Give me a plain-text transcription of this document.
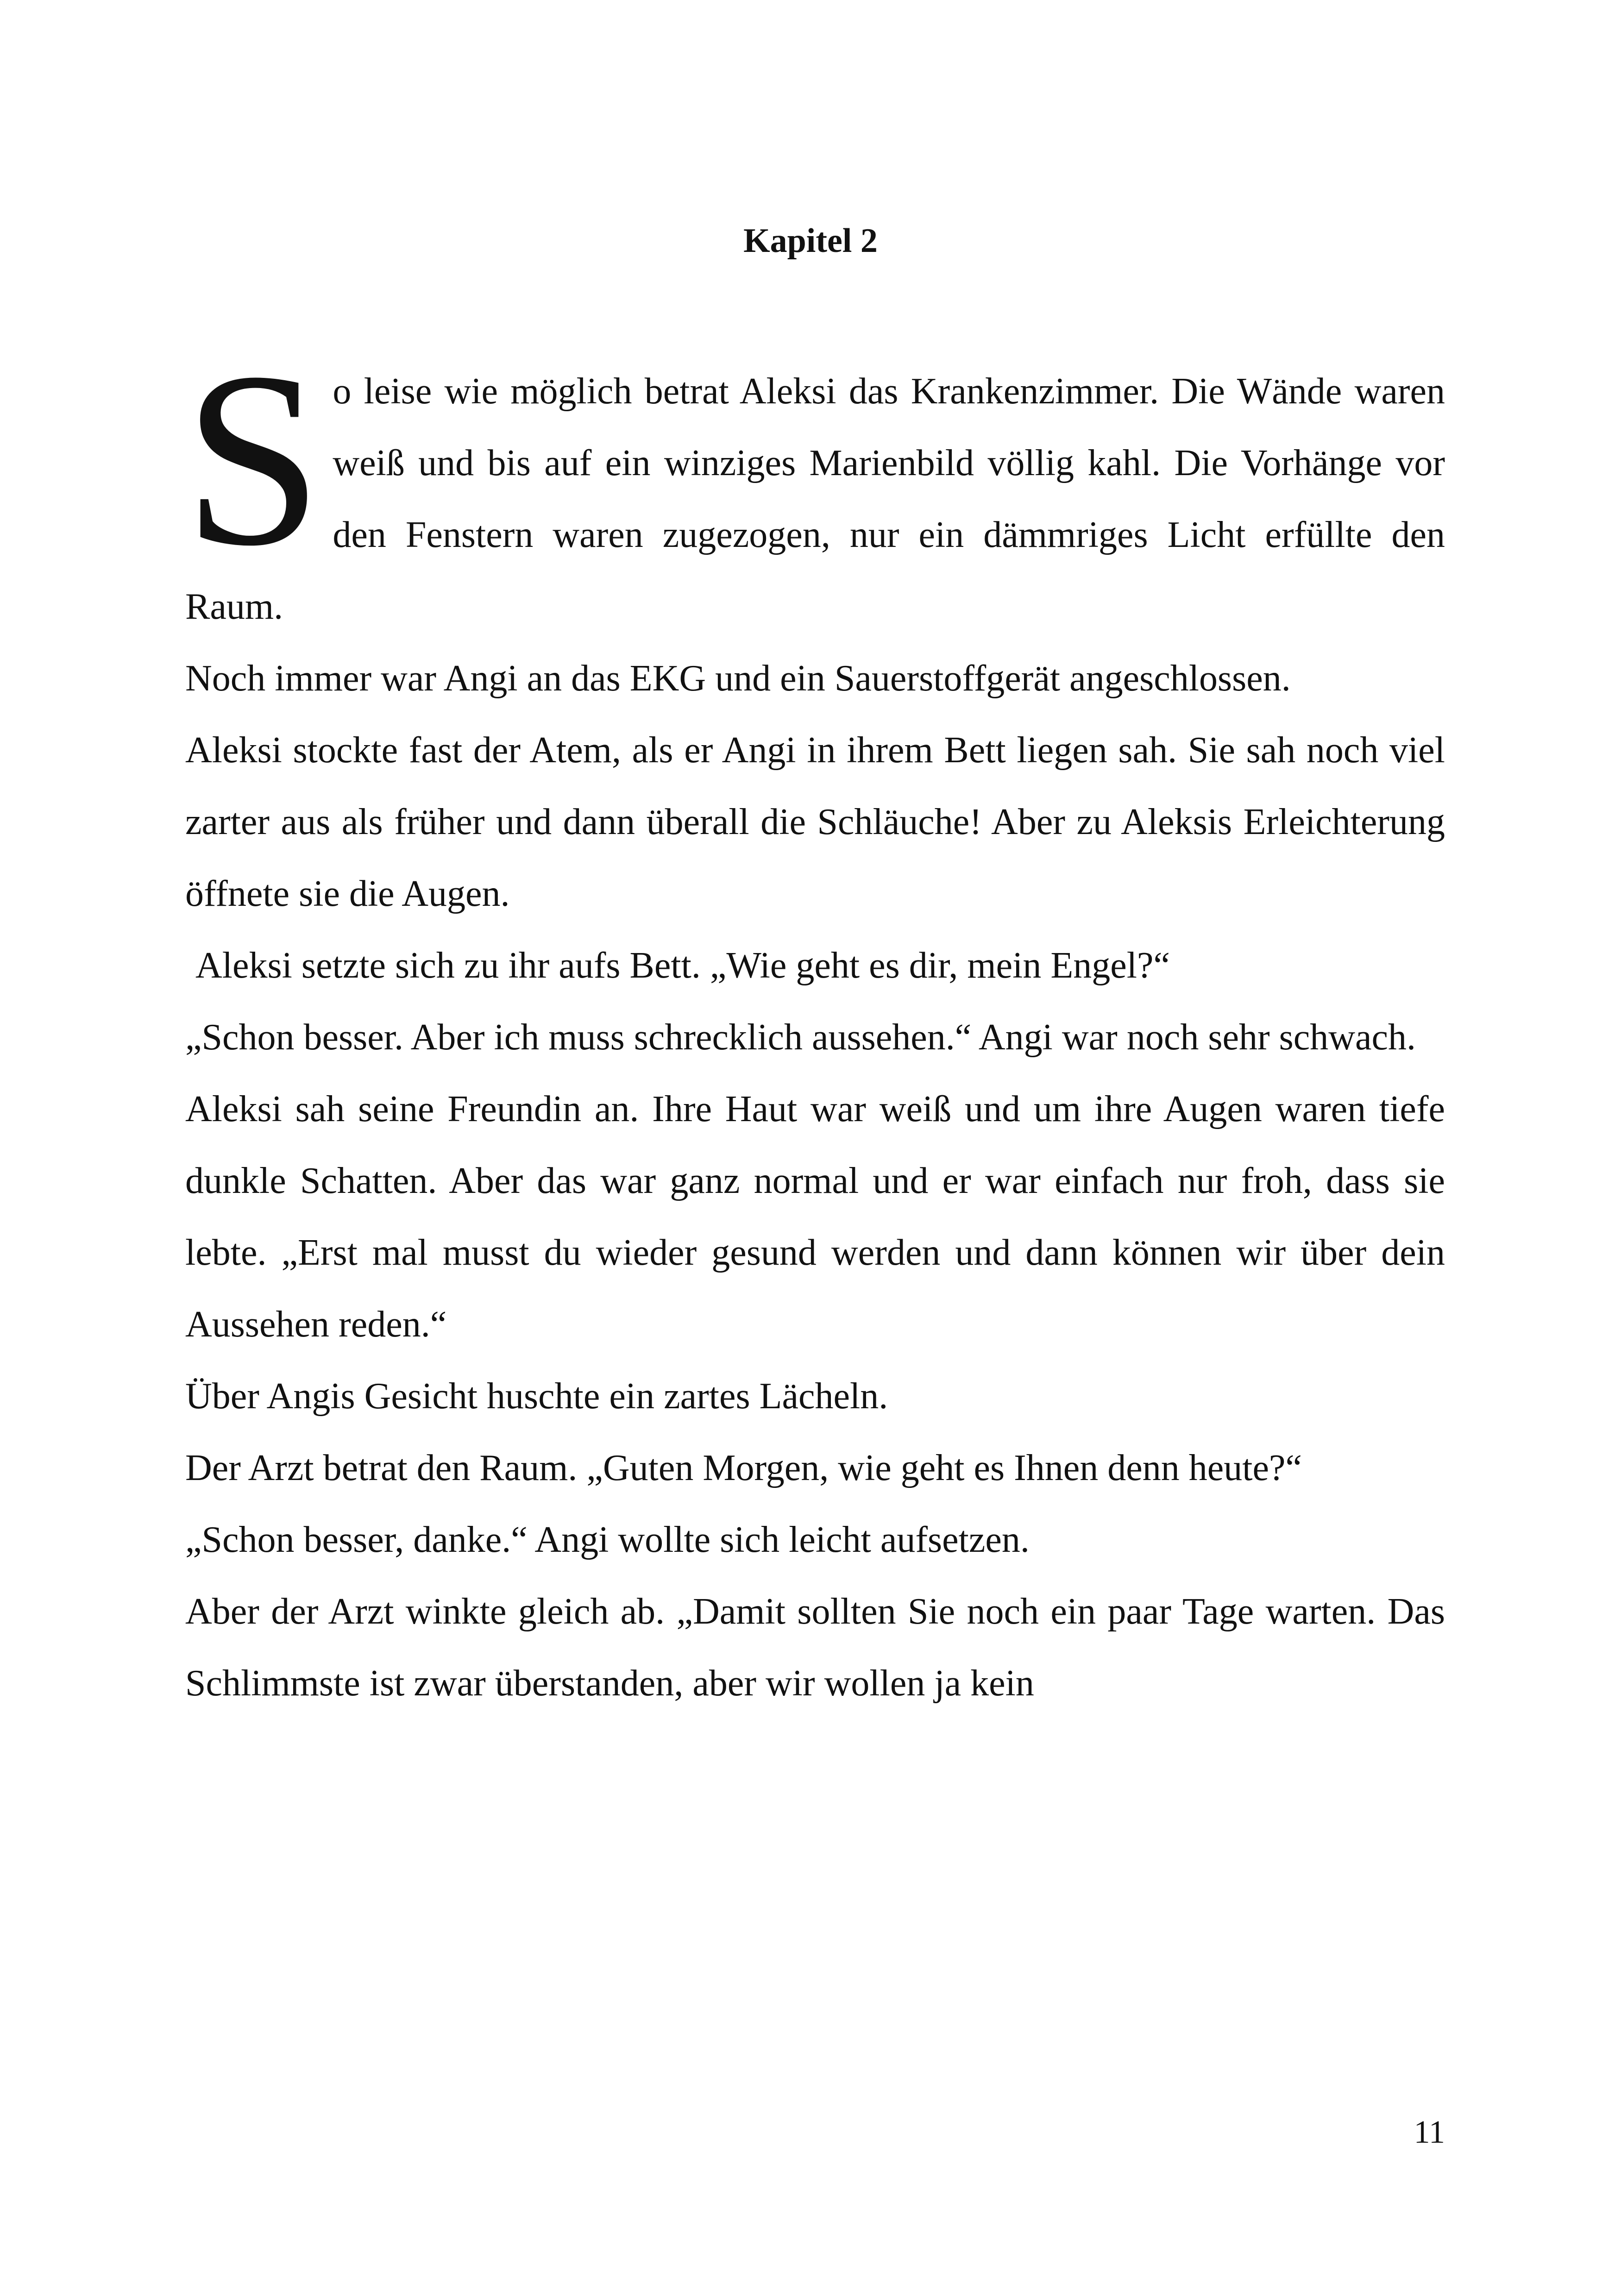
Kapitel 2

So leise wie möglich betrat Aleksi das Krankenzimmer. Die Wände waren weiß und bis auf ein winziges Marienbild völlig kahl. Die Vorhänge vor den Fenstern waren zugezogen, nur ein dämmriges Licht erfüllte den Raum.

Noch immer war Angi an das EKG und ein Sauerstoffgerät angeschlossen.

Aleksi stockte fast der Atem, als er Angi in ihrem Bett liegen sah. Sie sah noch viel zarter aus als früher und dann überall die Schläuche! Aber zu Aleksis Erleichterung öffnete sie die Augen.

Aleksi setzte sich zu ihr aufs Bett. „Wie geht es dir, mein Engel?“

„Schon besser. Aber ich muss schrecklich aussehen.“ Angi war noch sehr schwach.

Aleksi sah seine Freundin an. Ihre Haut war weiß und um ihre Augen waren tiefe dunkle Schatten. Aber das war ganz normal und er war einfach nur froh, dass sie lebte. „Erst mal musst du wieder gesund werden und dann können wir über dein Aussehen reden.“

Über Angis Gesicht huschte ein zartes Lächeln.

Der Arzt betrat den Raum. „Guten Morgen, wie geht es Ihnen denn heute?“

„Schon besser, danke.“ Angi wollte sich leicht aufsetzen.

Aber der Arzt winkte gleich ab. „Damit sollten Sie noch ein paar Tage warten. Das Schlimmste ist zwar überstanden, aber wir wollen ja kein

11
